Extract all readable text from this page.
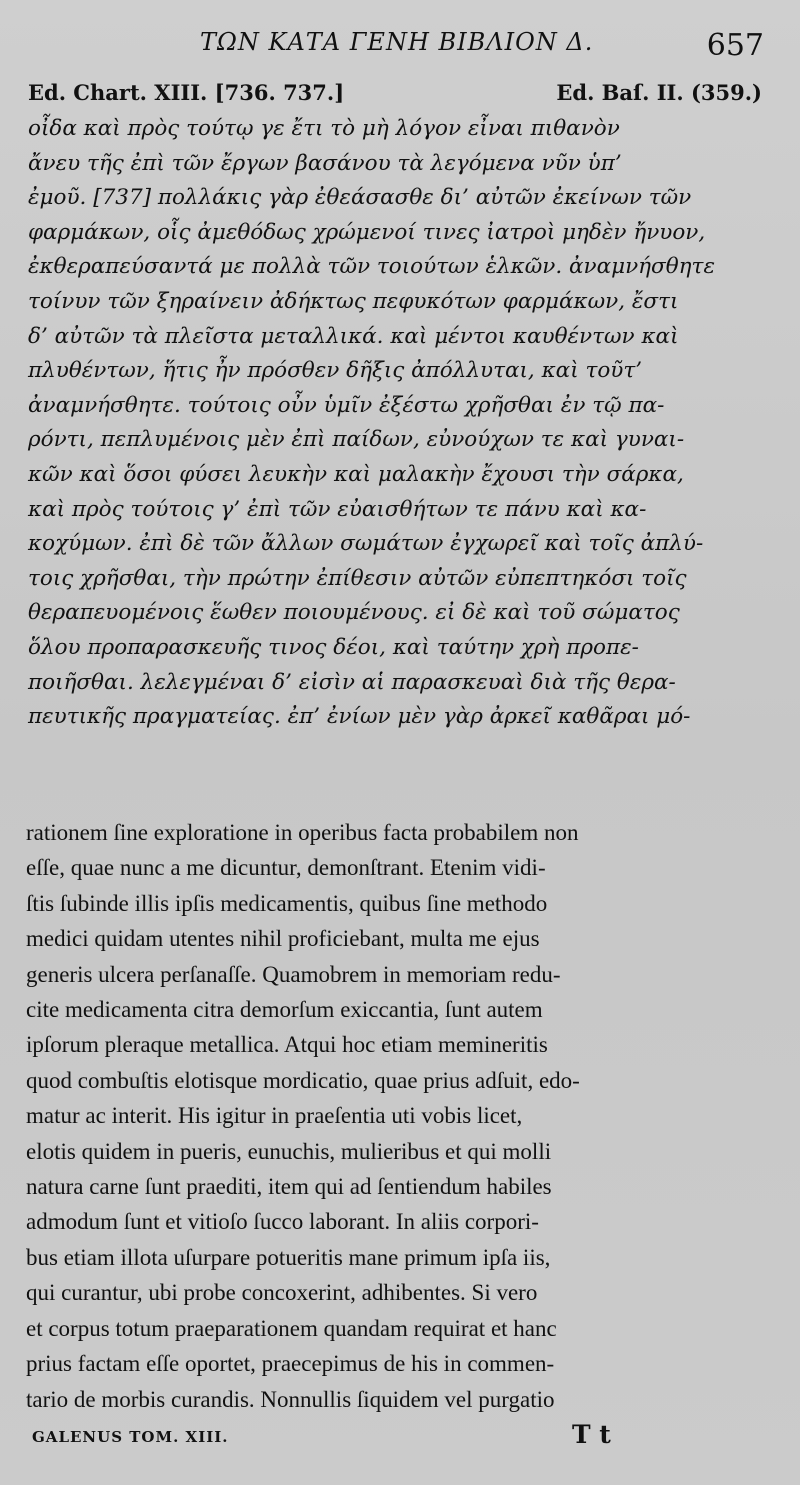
ΤΩΝ ΚΑΤΑ ΓΕΝΗ ΒΙΒΛΙΟΝ Δ.	657
Ed. Chart. XIII. [736. 737.]	Ed. Baſ. II. (359.)
οἶδα καὶ πρὸς τούτῳ γε ἔτι τὸ μὴ λόγον εἶναι πιθανὸν
ἄνευ τῆς ἐπὶ τῶν ἔργων βασάνου τὰ λεγόμενα νῦν ὑπ’
ἐμοῦ. [737] πολλάκις γὰρ ἐθεάσασθε δι’ αὐτῶν ἐκείνων τῶν
φαρμάκων, οἷς ἀμεθόδως χρώμενοί τινες ἰατροὶ μηδὲν ἤνυον,
ἐκθεραπεύσαντά με πολλὰ τῶν τοιούτων ἑλκῶν. ἀναμνήσθητε
τοίνυν τῶν ξηραίνειν ἀδήκτως πεφυκότων φαρμάκων, ἔστι
δ’ αὐτῶν τὰ πλεῖστα μεταλλικά. καὶ μέντοι καυθέντων καὶ
πλυθέντων, ἥτις ἦν πρόσθεν δῆξις ἀπόλλυται, καὶ τοῦτ’
ἀναμνήσθητε. τούτοις οὖν ὑμῖν ἐξέστω χρῆσθαι ἐν τῷ πα-
ρόντι, πεπλυμένοις μὲν ἐπὶ παίδων, εὐνούχων τε καὶ γυναι-
κῶν καὶ ὅσοι φύσει λευκὴν καὶ μαλακὴν ἔχουσι τὴν σάρκα,
καὶ πρὸς τούτοις γ’ ἐπὶ τῶν εὐαισθήτων τε πάνυ καὶ κα-
κοχύμων. ἐπὶ δὲ τῶν ἄλλων σωμάτων ἐγχωρεῖ καὶ τοῖς ἀπλύ-
τοις χρῆσθαι, τὴν πρώτην ἐπίθεσιν αὐτῶν εὐπεπτηκόσι τοῖς
θεραπευομένοις ἕωθεν ποιουμένους. εἰ δὲ καὶ τοῦ σώματος
ὅλου προπαρασκευῆς τινος δέοι, καὶ ταύτην χρὴ προπε-
ποιῆσθαι. λελεγμέναι δ’ εἰσὶν αἱ παρασκευαὶ διὰ τῆς θερα-
πευτικῆς πραγματείας. ἐπ’ ἐνίων μὲν γὰρ ἀρκεῖ καθᾶραι μό-
rationem ſine exploratione in operibus facta probabilem non
eſſe, quae nunc a me dicuntur, demonſtrant. Etenim vidi-
ſtis ſubinde illis ipſis medicamentis, quibus ſine methodo
medici quidam utentes nihil proficiebant, multa me ejus
generis ulcera perſanaſſe. Quamobrem in memoriam redu-
cite medicamenta citra demorſum exiccantia, ſunt autem
ipſorum pleraque metallica. Atqui hoc etiam memineritis
quod combuſtis elotisque mordicatio, quae prius adſuit, edo-
matur ac interit. His igitur in praeſentia uti vobis licet,
elotis quidem in pueris, eunuchis, mulieribus et qui molli
natura carne ſunt praediti, item qui ad ſentiendum habiles
admodum ſunt et vitioſo ſucco laborant. In aliis corpori-
bus etiam illota uſurpare potueritis mane primum ipſa iis,
qui curantur, ubi probe concoxerint, adhibentes. Si vero
et corpus totum praeparationem quandam requirat et hanc
prius factam eſſe oportet, praecepimus de his in commen-
tario de morbis curandis. Nonnullis ſiquidem vel purgatio
GALENUS TOM. XIII.	T t
